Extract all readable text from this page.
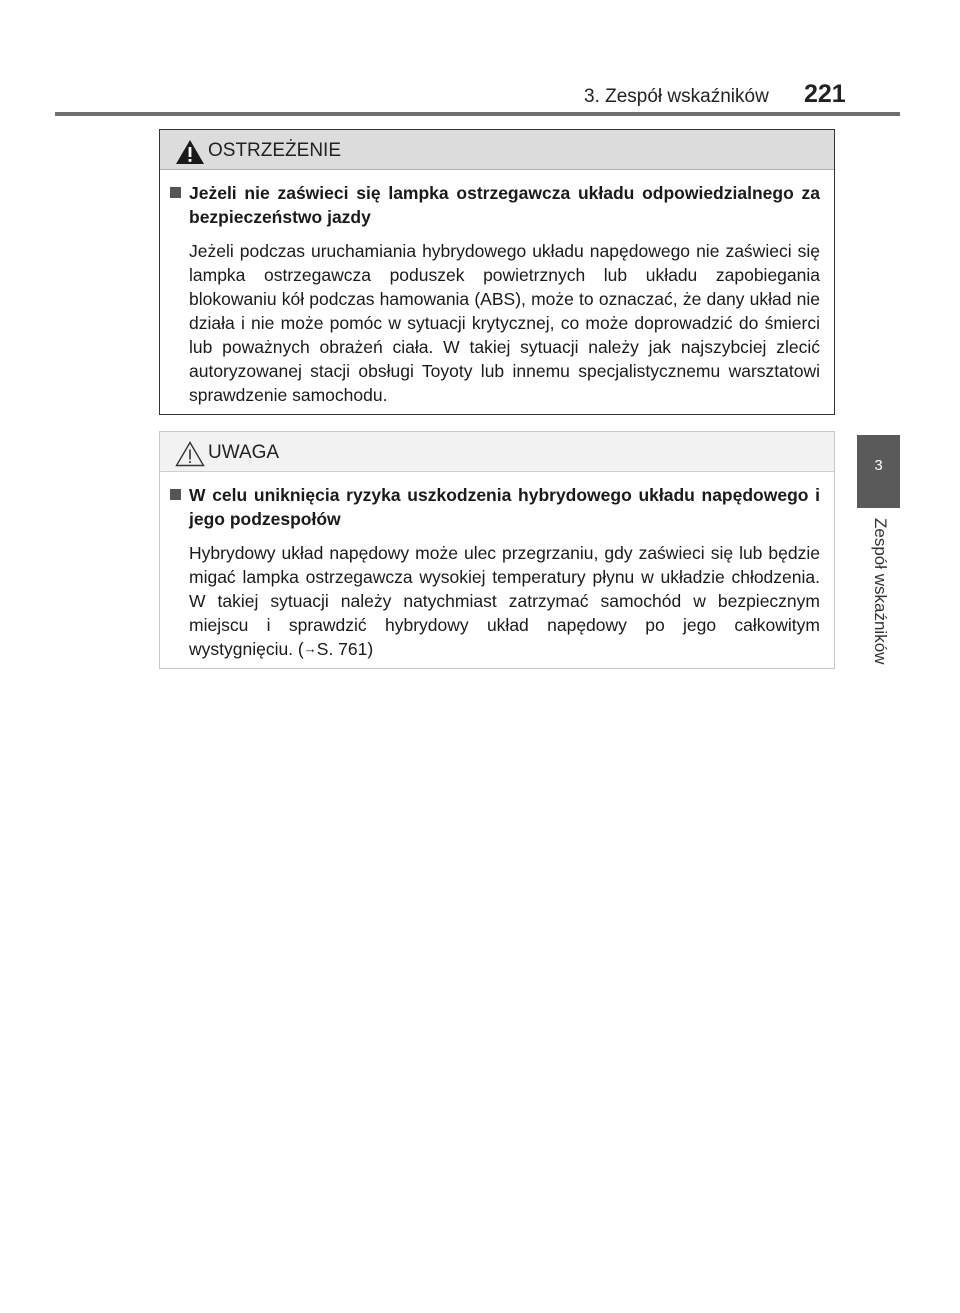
3. Zespół wskaźników 221
3
Zespół wskaźników
OSTRZEŻENIE
Jeżeli nie zaświeci się lampka ostrzegawcza układu odpowiedzialnego za bezpieczeństwo jazdy
Jeżeli podczas uruchamiania hybrydowego układu napędowego nie zaświeci się lampka ostrzegawcza poduszek powietrznych lub układu zapobiegania blokowaniu kół podczas hamowania (ABS), może to oznaczać, że dany układ nie działa i nie może pomóc w sytuacji krytycznej, co może doprowadzić do śmierci lub poważnych obrażeń ciała. W takiej sytuacji należy jak najszybciej zlecić autoryzowanej stacji obsługi Toyoty lub innemu specjalistycznemu warsztatowi sprawdzenie samochodu.
UWAGA
W celu uniknięcia ryzyka uszkodzenia hybrydowego układu napędowego i jego podzespołów
Hybrydowy układ napędowy może ulec przegrzaniu, gdy zaświeci się lub będzie migać lampka ostrzegawcza wysokiej temperatury płynu w układzie chłodzenia. W takiej sytuacji należy natychmiast zatrzymać samochód w bezpiecznym miejscu i sprawdzić hybrydowy układ napędowy po jego całkowitym wystygnięciu. (→S. 761)
